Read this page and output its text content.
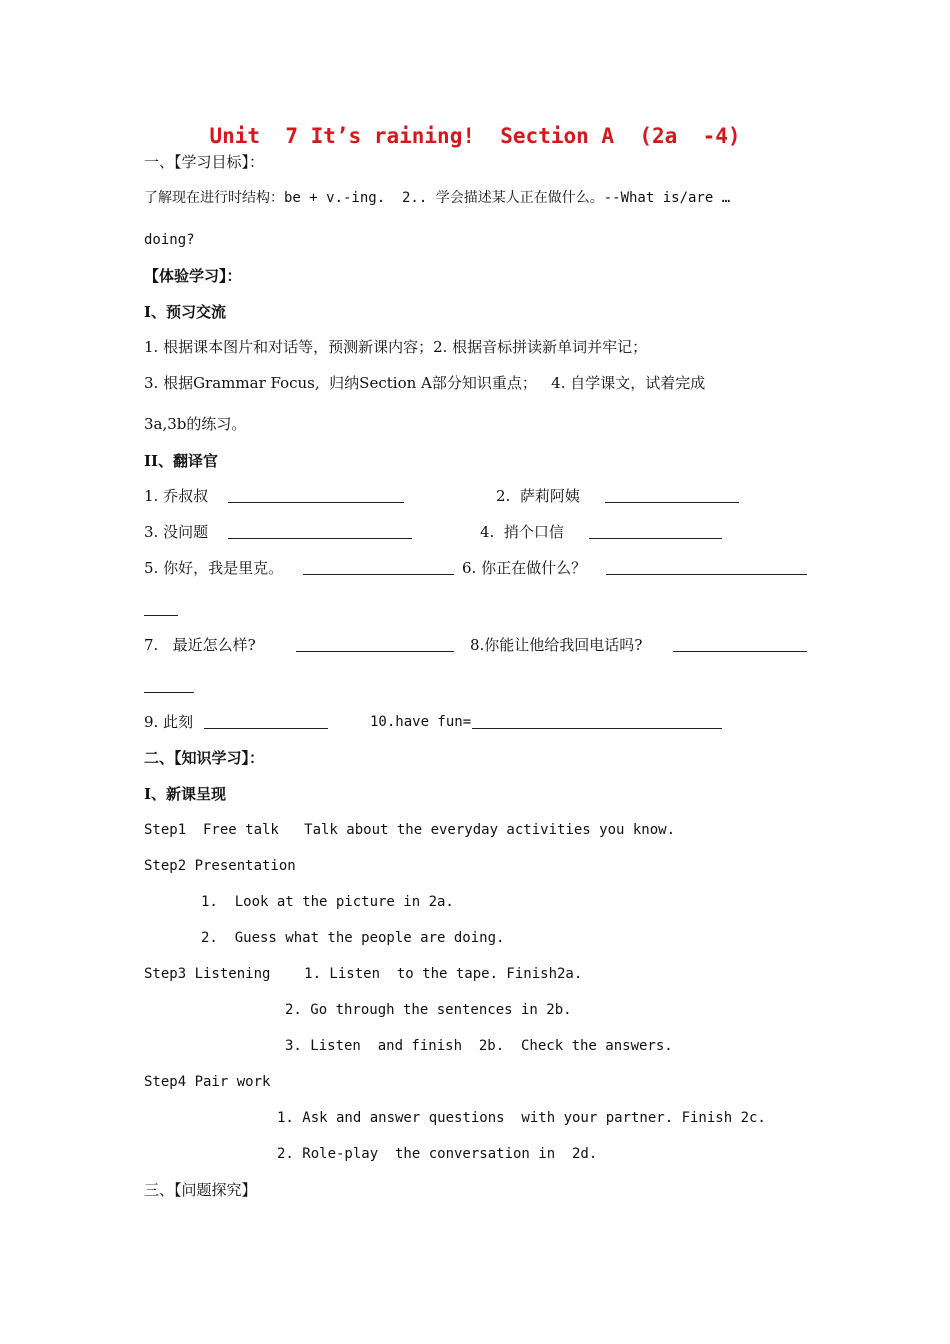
Unit  7 It’s raining!  Section A  (2a  -4)
一、【学习目标】：
了解现在进行时结构：be + v.-ing.  2.. 学会描述某人正在做什么。--What is/are …
doing?
【体验学习】：
I、预习交流
1. 根据课本图片和对话等，预测新课内容；2. 根据音标拼读新单词并牢记；
3. 根据Grammar Focus,  归纳Section A部分知识重点；   4. 自学课文，试着完成
3a,3b的练习。
II、翻译官
1. 乔叔叔	2.  萨莉阿姨
3. 没问题	4.  捎个口信
5. 你好，我是里克。	6. 你正在做什么？
7.   最近怎么样?	8.你能让他给我回电话吗?
9. 此刻	10.have fun=
二、【知识学习】：
I、新课呈现
Step1  Free talk   Talk about the everyday activities you know.
Step2 Presentation
1.  Look at the picture in 2a.
2.  Guess what the people are doing.
Step3 Listening    1. Listen  to the tape. Finish2a.
2. Go through the sentences in 2b.
3. Listen  and finish  2b.  Check the answers.
Step4 Pair work
1. Ask and answer questions  with your partner. Finish 2c.
2. Role-play  the conversation in  2d.
三、【问题探究】
